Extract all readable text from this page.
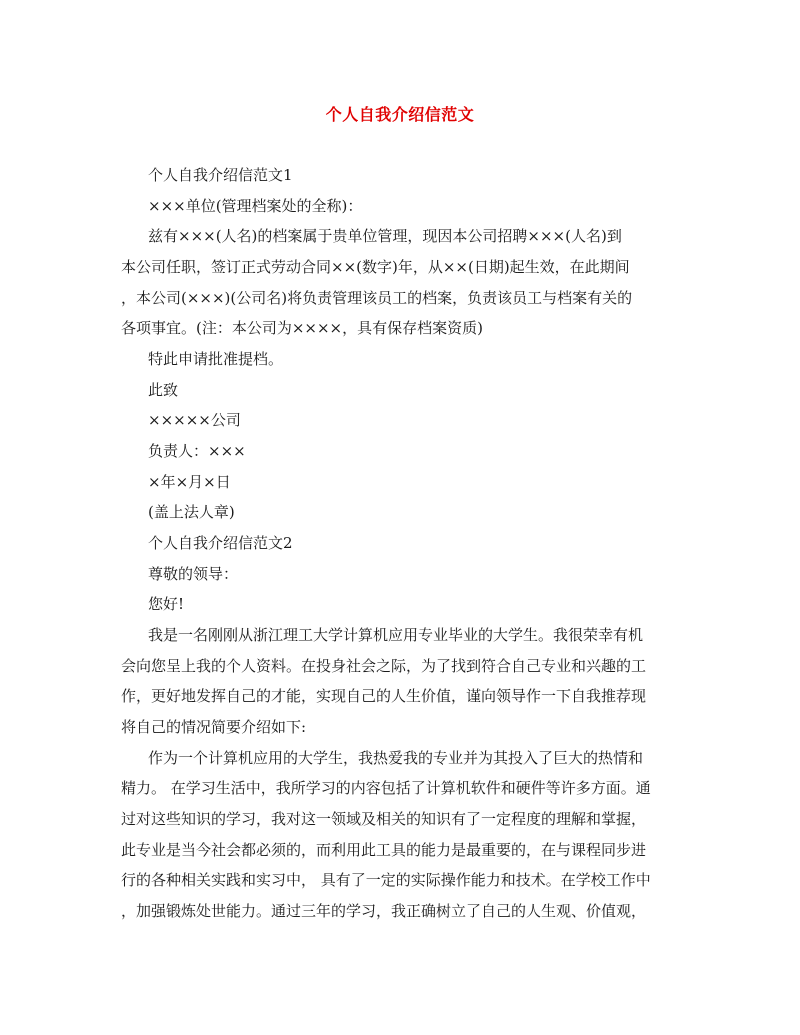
个人自我介绍信范文
个人自我介绍信范文1
×××单位(管理档案处的全称)：
兹有×××(人名)的档案属于贵单位管理，现因本公司招聘×××(人名)到
本公司任职，签订正式劳动合同××(数字)年，从××(日期)起生效，在此期间
，本公司(×××)(公司名)将负责管理该员工的档案，负责该员工与档案有关的
各项事宜。(注：本公司为××××，具有保存档案资质)
特此申请批准提档。
此致
×××××公司
负责人：×××
×年×月×日
(盖上法人章)
个人自我介绍信范文2
尊敬的领导：
您好!
我是一名刚刚从浙江理工大学计算机应用专业毕业的大学生。我很荣幸有机
会向您呈上我的个人资料。在投身社会之际，为了找到符合自己专业和兴趣的工
作，更好地发挥自己的才能，实现自己的人生价值，谨向领导作一下自我推荐现
将自己的情况简要介绍如下:
作为一个计算机应用的大学生，我热爱我的专业并为其投入了巨大的热情和
精力。 在学习生活中，我所学习的内容包括了计算机软件和硬件等许多方面。通
过对这些知识的学习，我对这一领域及相关的知识有了一定程度的理解和掌握，
此专业是当今社会都必须的，而利用此工具的能力是最重要的，在与课程同步进
行的各种相关实践和实习中， 具有了一定的实际操作能力和技术。在学校工作中
，加强锻炼处世能力。通过三年的学习，我正确树立了自己的人生观、价值观，
